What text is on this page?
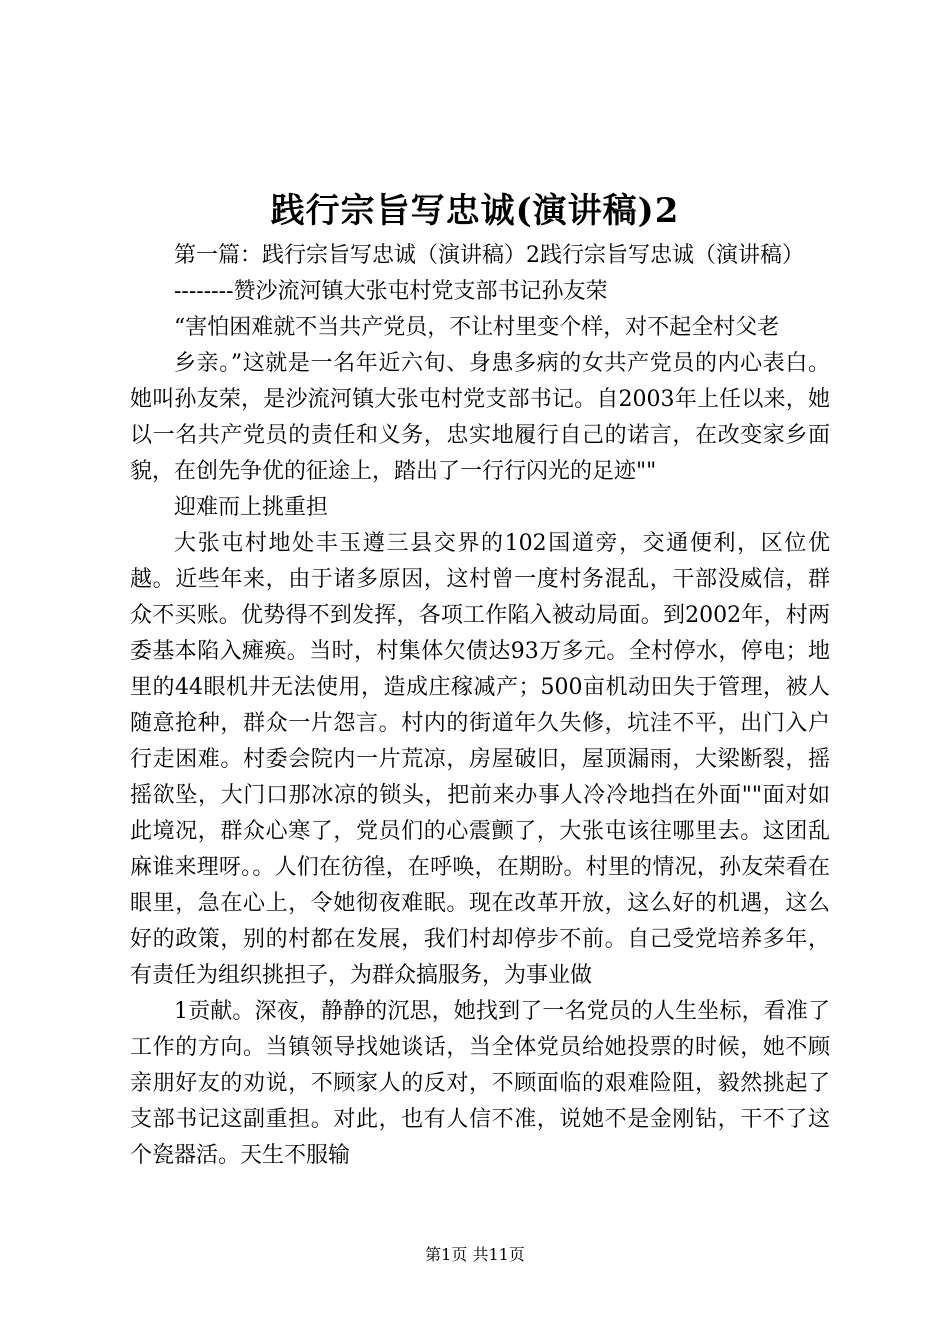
践行宗旨写忠诚(演讲稿)2

第一篇：践行宗旨写忠诚（演讲稿）2践行宗旨写忠诚（演讲稿）

--------赞沙流河镇大张屯村党支部书记孙友荣

“害怕困难就不当共产党员，不让村里变个样，对不起全村父老

乡亲。”这就是一名年近六旬、身患多病的女共产党员的内心表白。她叫孙友荣，是沙流河镇大张屯村党支部书记。自2003年上任以来，她以一名共产党员的责任和义务，忠实地履行自己的诺言，在改变家乡面貌，在创先争优的征途上，踏出了一行行闪光的足迹""

迎难而上挑重担

大张屯村地处丰玉遵三县交界的102国道旁，交通便利，区位优越。近些年来，由于诸多原因，这村曾一度村务混乱，干部没威信，群众不买账。优势得不到发挥，各项工作陷入被动局面。到2002年，村两委基本陷入瘫痪。当时，村集体欠债达93万多元。全村停水，停电；地里的44眼机井无法使用，造成庄稼减产；500亩机动田失于管理，被人随意抢种，群众一片怨言。村内的街道年久失修，坑洼不平，出门入户行走困难。村委会院内一片荒凉，房屋破旧，屋顶漏雨，大梁断裂，摇摇欲坠，大门口那冰凉的锁头，把前来办事人冷冷地挡在外面""面对如此境况，群众心寒了，党员们的心震颤了，大张屯该往哪里去。这团乱麻谁来理呀。。人们在彷徨，在呼唤，在期盼。村里的情况，孙友荣看在眼里，急在心上，令她彻夜难眠。现在改革开放，这么好的机遇，这么好的政策，别的村都在发展，我们村却停步不前。自己受党培养多年，有责任为组织挑担子，为群众搞服务，为事业做

1贡献。深夜，静静的沉思，她找到了一名党员的人生坐标，看准了工作的方向。当镇领导找她谈话，当全体党员给她投票的时候，她不顾亲朋好友的劝说，不顾家人的反对，不顾面临的艰难险阻，毅然挑起了支部书记这副重担。对此，也有人信不准，说她不是金刚钻，干不了这个瓷器活。天生不服输

第1页 共11页
